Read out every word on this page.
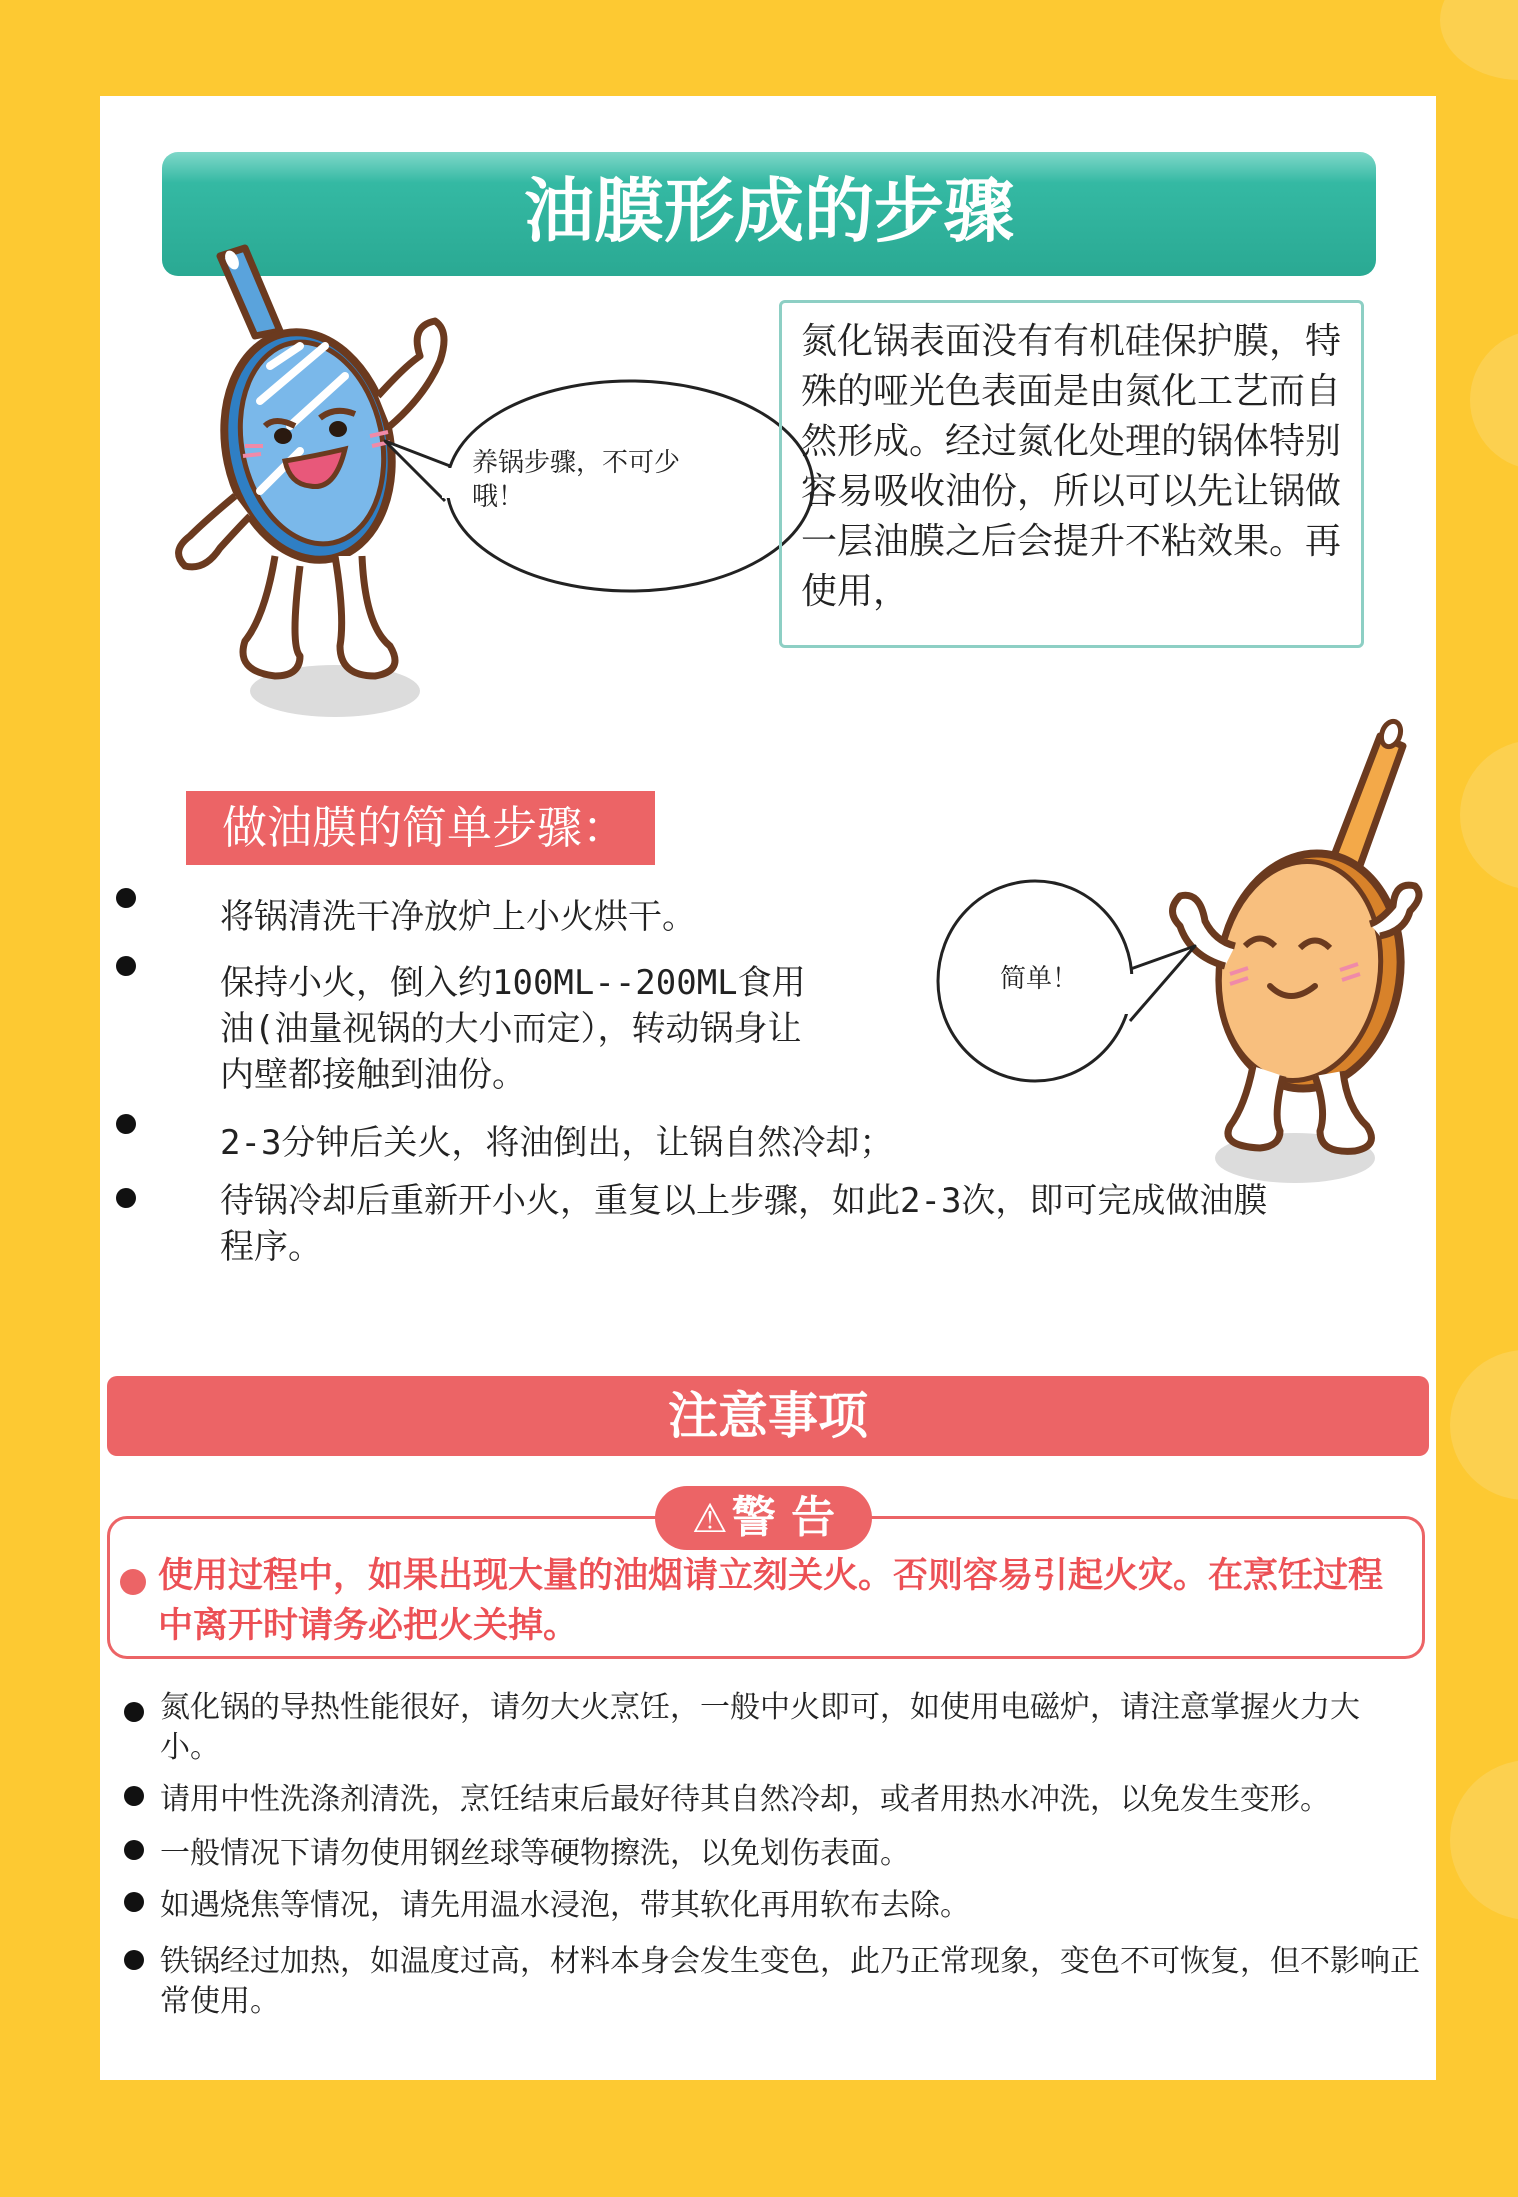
油膜形成的步骤
养锅步骤，不可少哦！
氮化锅表面没有有机硅保护膜，特殊的哑光色表面是由氮化工艺而自然形成。经过氮化处理的锅体特别容易吸收油份，所以可以先让锅做一层油膜之后会提升不粘效果。再使用，
简单！
做油膜的简单步骤：
将锅清洗干净放炉上小火烘干。
保持小火，倒入约100ML--200ML食用油(油量视锅的大小而定），转动锅身让内壁都接触到油份。
2-3分钟后关火，将油倒出，让锅自然冷却；
待锅冷却后重新开小火，重复以上步骤，如此2-3次，即可完成做油膜程序。
注意事项
⚠警 告
使用过程中，如果出现大量的油烟请立刻关火。否则容易引起火灾。在烹饪过程中离开时请务必把火关掉。
氮化锅的导热性能很好，请勿大火烹饪，一般中火即可，如使用电磁炉，请注意掌握火力大小。
请用中性洗涤剂清洗，烹饪结束后最好待其自然冷却，或者用热水冲洗，以免发生变形。
一般情况下请勿使用钢丝球等硬物擦洗，以免划伤表面。
如遇烧焦等情况，请先用温水浸泡，带其软化再用软布去除。
铁锅经过加热，如温度过高，材料本身会发生变色，此乃正常现象，变色不可恢复，但不影响正常使用。
